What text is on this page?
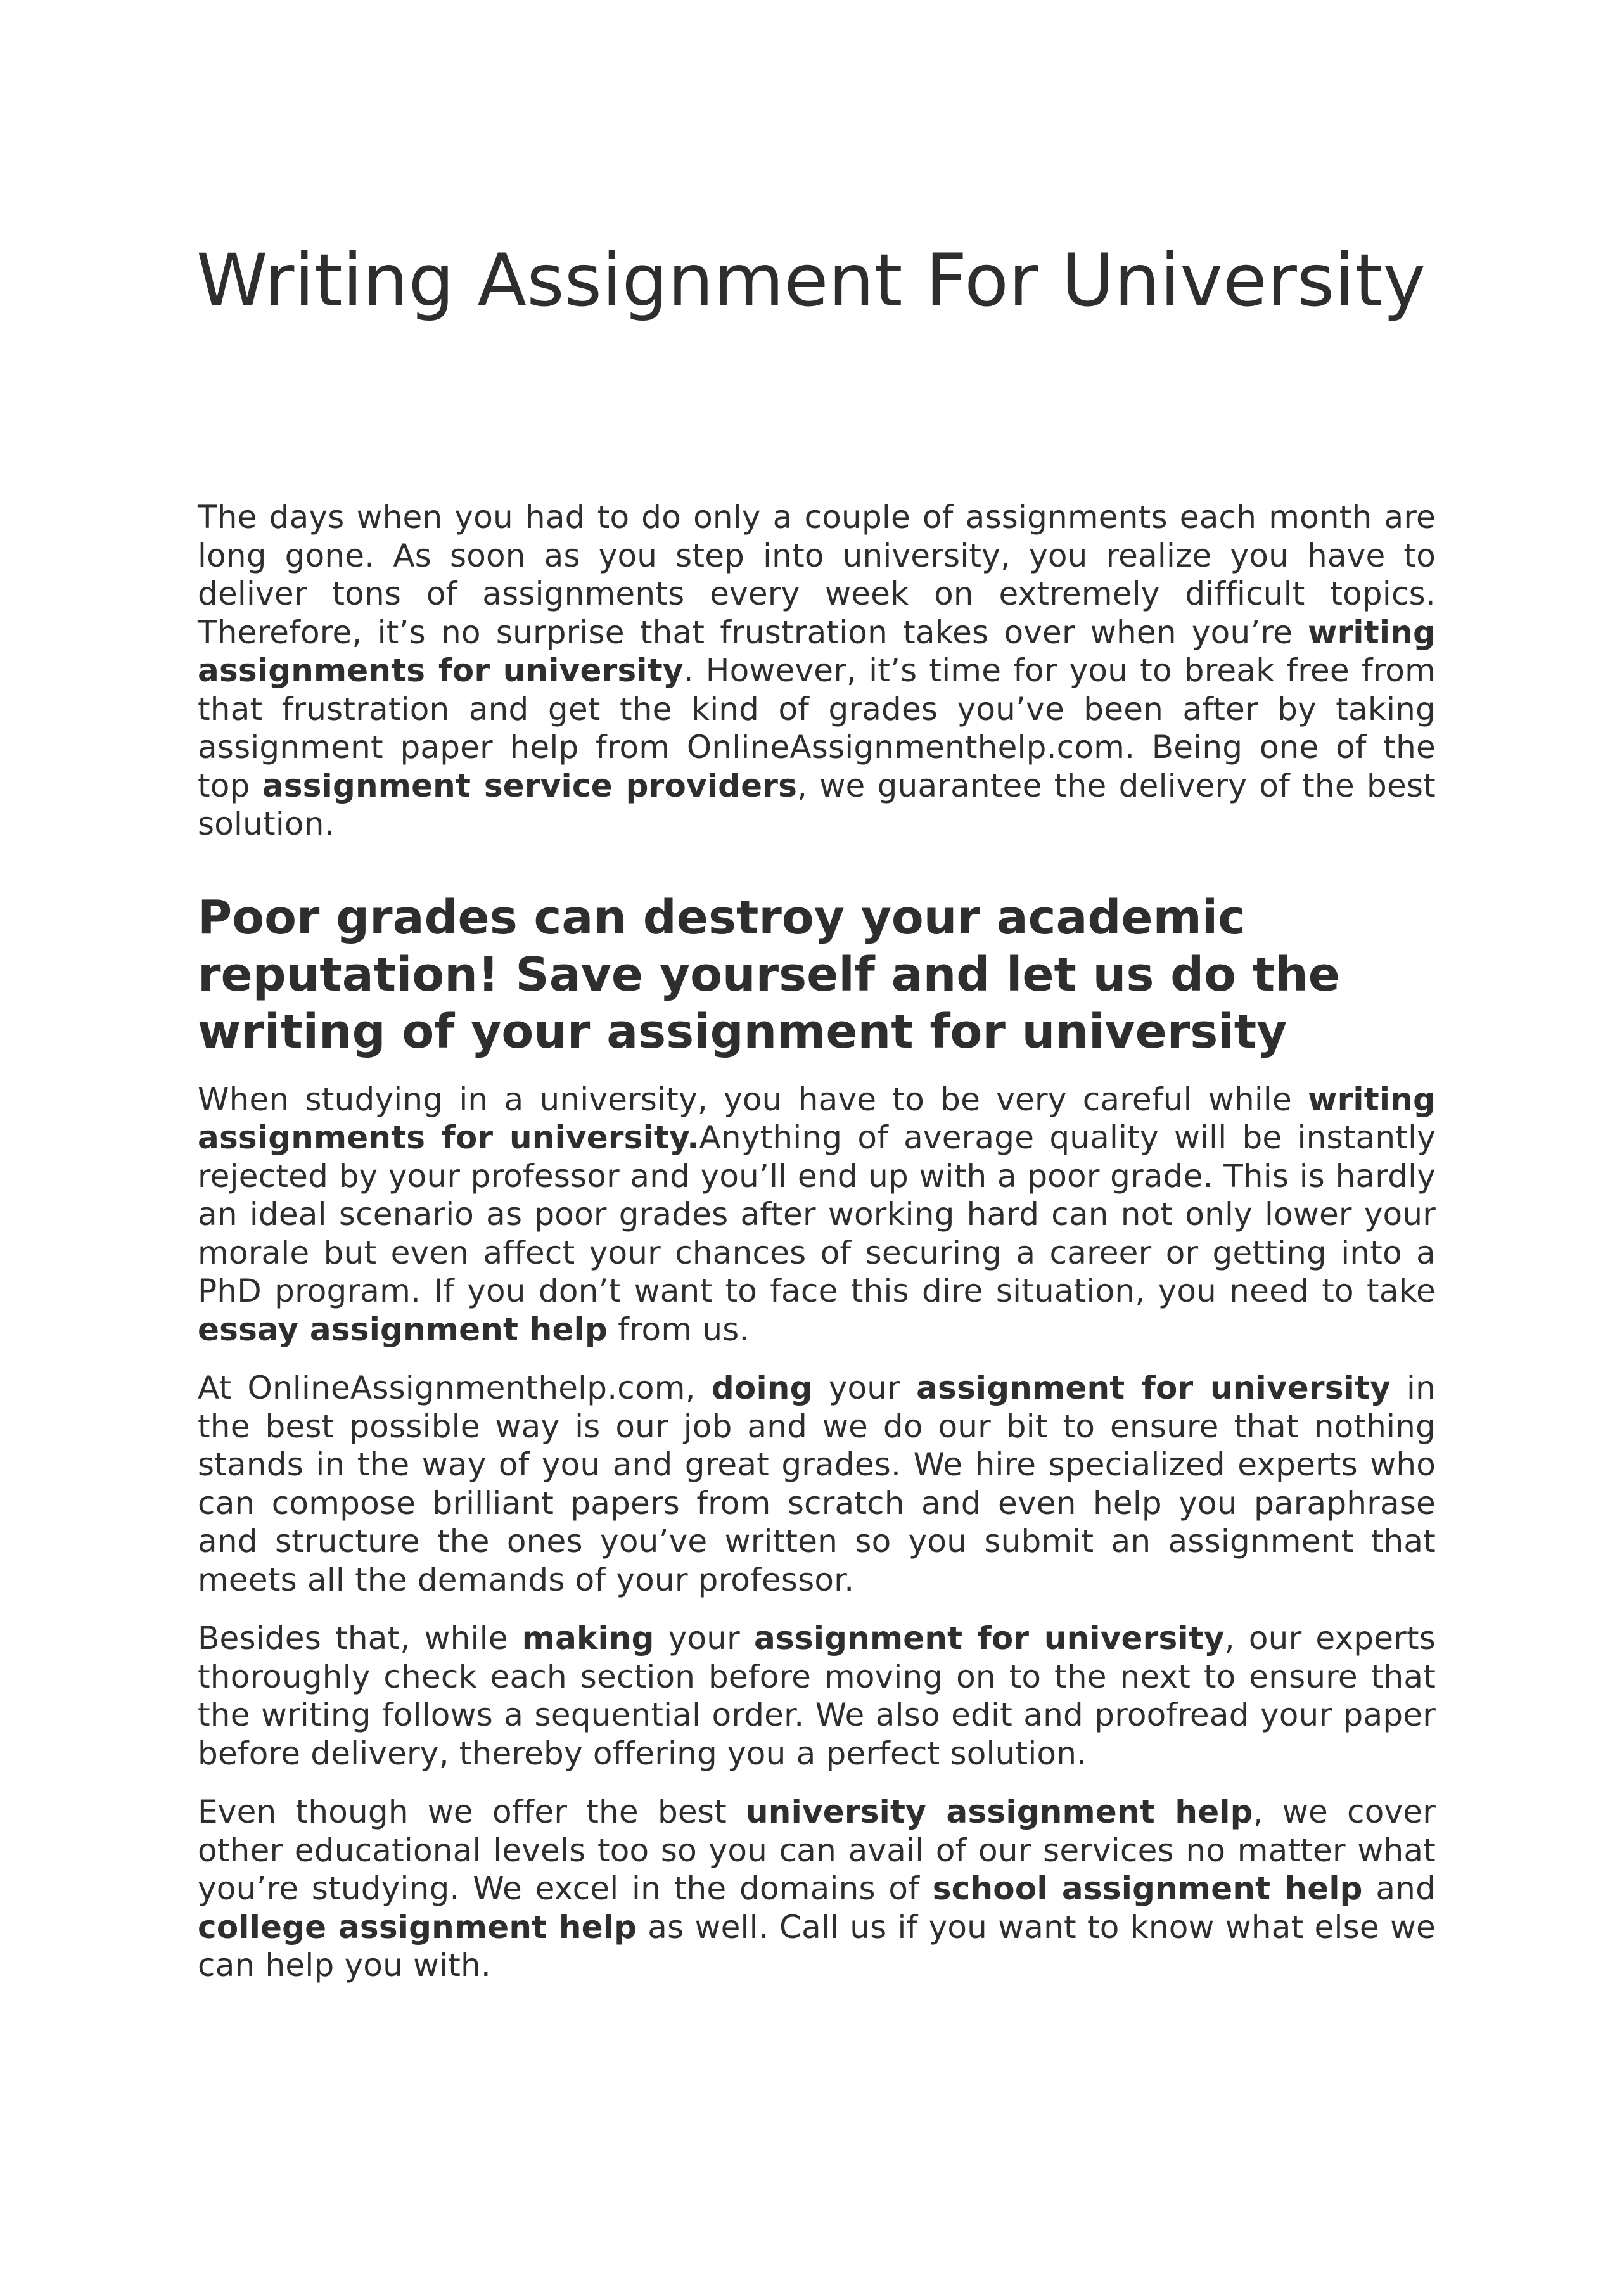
Writing Assignment For University

The days when you had to do only a couple of assignments each month are long gone. As soon as you step into university, you realize you have to deliver tons of assignments every week on extremely difficult topics. Therefore, it’s no surprise that frustration takes over when you’re writing assignments for university. However, it’s time for you to break free from that frustration and get the kind of grades you’ve been after by taking assignment paper help from OnlineAssignmenthelp.com. Being one of the top assignment service providers, we guarantee the delivery of the best solution.

Poor grades can destroy your academic reputation! Save yourself and let us do the writing of your assignment for university

When studying in a university, you have to be very careful while writing assignments for university.Anything of average quality will be instantly rejected by your professor and you’ll end up with a poor grade. This is hardly an ideal scenario as poor grades after working hard can not only lower your morale but even affect your chances of securing a career or getting into a PhD program. If you don’t want to face this dire situation, you need to take essay assignment help from us.

At OnlineAssignmenthelp.com, doing your assignment for university in the best possible way is our job and we do our bit to ensure that nothing stands in the way of you and great grades. We hire specialized experts who can compose brilliant papers from scratch and even help you paraphrase and structure the ones you’ve written so you submit an assignment that meets all the demands of your professor.

Besides that, while making your assignment for university, our experts thoroughly check each section before moving on to the next to ensure that the writing follows a sequential order. We also edit and proofread your paper before delivery, thereby offering you a perfect solution.

Even though we offer the best university assignment help, we cover other educational levels too so you can avail of our services no matter what you’re studying. We excel in the domains of school assignment help and college assignment help as well. Call us if you want to know what else we can help you with.
